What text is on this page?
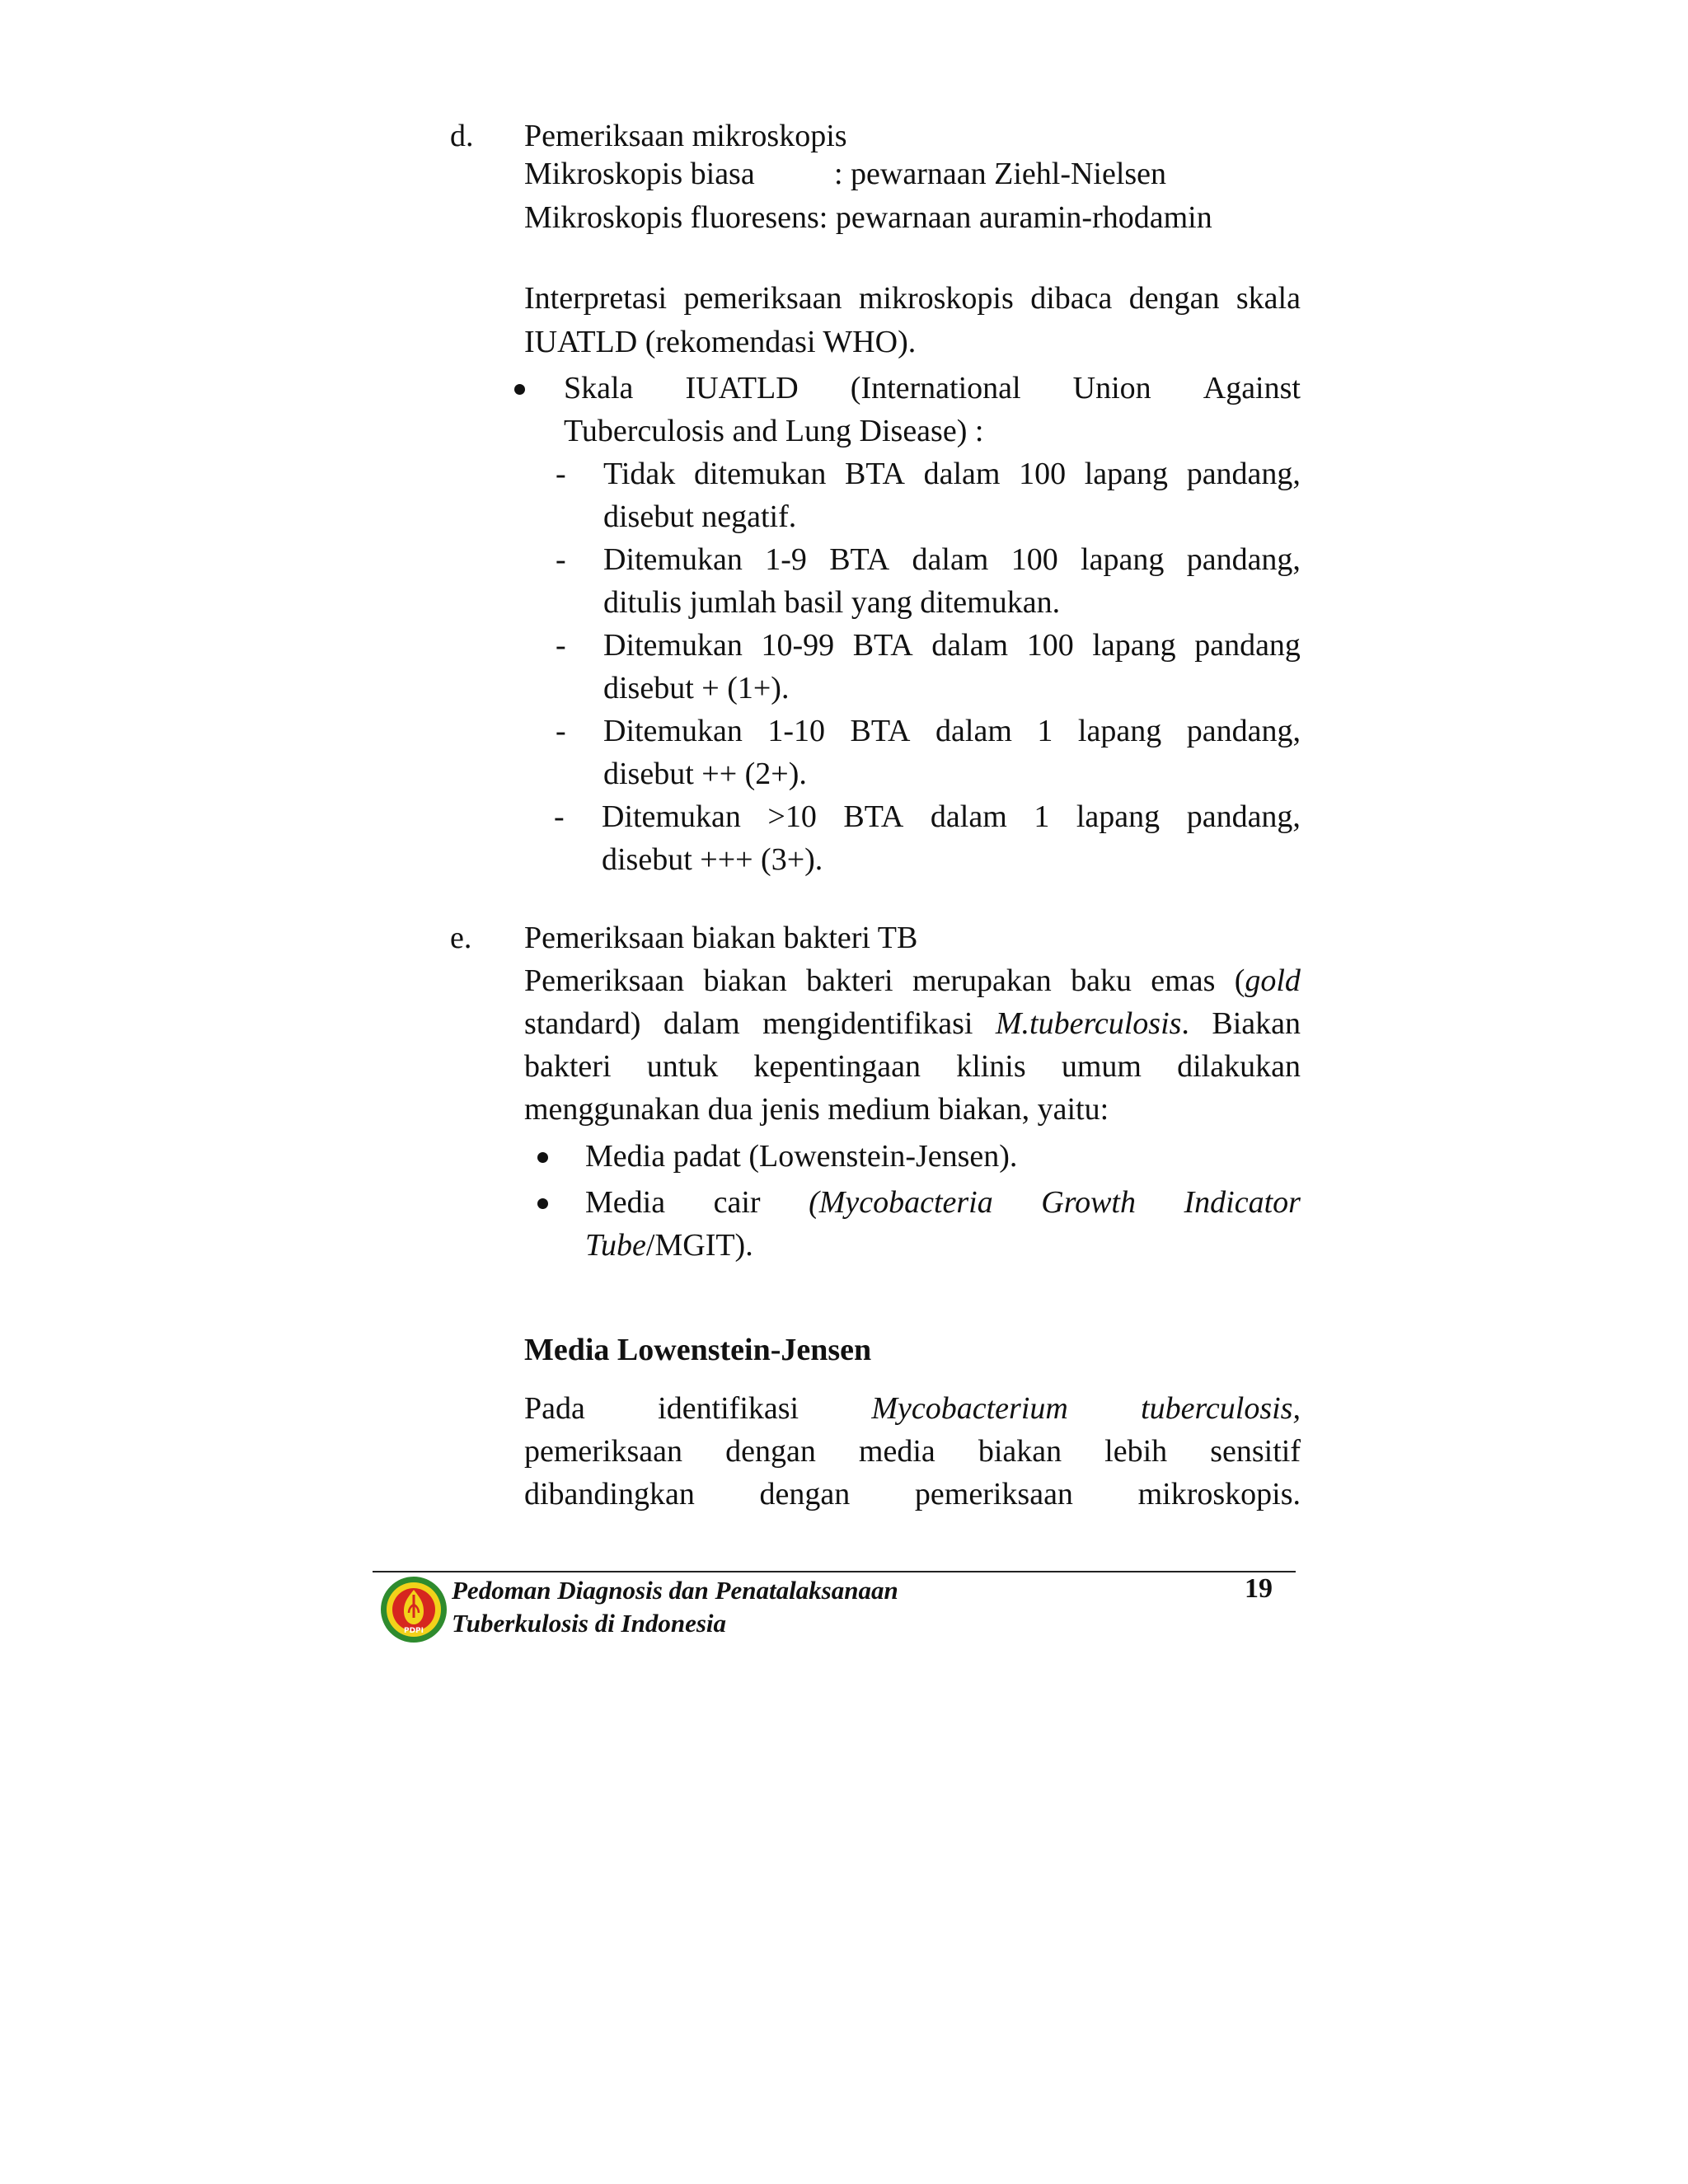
d. Pemeriksaan mikroskopis
Mikroskopis biasa	: pewarnaan Ziehl-Nielsen
Mikroskopis fluoresens: pewarnaan auramin-rhodamin
Interpretasi pemeriksaan mikroskopis dibaca dengan skala
IUATLD (rekomendasi WHO).
Skala IUATLD (International Union Against
Tuberculosis and Lung Disease) :
- Tidak ditemukan BTA dalam 100 lapang pandang,
disebut negatif.
- Ditemukan 1-9 BTA dalam 100 lapang pandang,
ditulis jumlah basil yang ditemukan.
- Ditemukan 10-99 BTA dalam 100 lapang pandang
disebut + (1+).
- Ditemukan 1-10 BTA dalam 1 lapang pandang,
disebut ++ (2+).
- Ditemukan >10 BTA dalam 1 lapang pandang,
disebut +++ (3+).
e. Pemeriksaan biakan bakteri TB
Pemeriksaan biakan bakteri merupakan baku emas (gold
standard) dalam mengidentifikasi M.tuberculosis. Biakan
bakteri untuk kepentingaan klinis umum dilakukan
menggunakan dua jenis medium biakan, yaitu:
Media padat (Lowenstein-Jensen).
Media cair (Mycobacteria Growth Indicator
Tube/MGIT).
Media Lowenstein-Jensen
Pada identifikasi Mycobacterium tuberculosis,
pemeriksaan dengan media biakan lebih sensitif
dibandingkan dengan pemeriksaan mikroskopis.
PDPI
Pedoman Diagnosis dan Penatalaksanaan
Tuberkulosis di Indonesia
19
